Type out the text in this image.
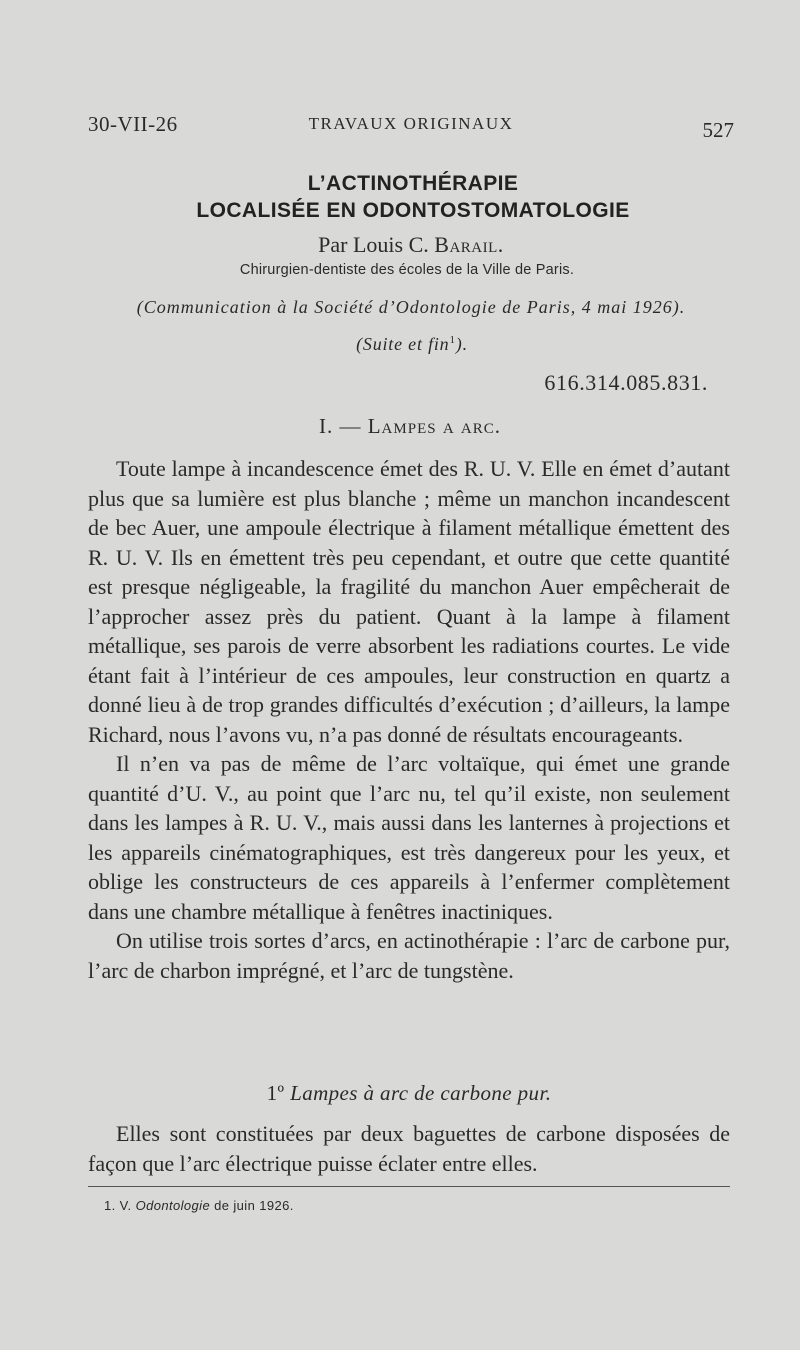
30-VII-26	TRAVAUX ORIGINAUX	527
L’ACTINOTHÉRAPIE
LOCALISÉE EN ODONTOSTOMATOLOGIE
Par Louis C. Barail.
Chirurgien-dentiste des écoles de la Ville de Paris.
(Communication à la Société d’Odontologie de Paris, 4 mai 1926).
(Suite et fin$^1$).
616.314.085.831.
I. — Lampes a arc.

Toute lampe à incandescence émet des R. U. V. Elle en émet d’autant plus que sa lumière est plus blanche ; même un manchon incandescent de bec Auer, une ampoule électrique à filament métallique émettent des R. U. V. Ils en émettent très peu cependant, et outre que cette quantité est presque négligeable, la fragilité du manchon Auer empêcherait de l’approcher assez près du patient. Quant à la lampe à filament métallique, ses parois de verre absorbent les radiations courtes. Le vide étant fait à l’intérieur de ces ampoules, leur construction en quartz a donné lieu à de trop grandes difficultés d’exécution ; d’ailleurs, la lampe Richard, nous l’avons vu, n’a pas donné de résultats encourageants.

Il n’en va pas de même de l’arc voltaïque, qui émet une grande quantité d’U. V., au point que l’arc nu, tel qu’il existe, non seulement dans les lampes à R. U. V., mais aussi dans les lanternes à projections et les appareils cinématographiques, est très dangereux pour les yeux, et oblige les constructeurs de ces appareils à l’enfermer complètement dans une chambre métallique à fenêtres inactiniques.

On utilise trois sortes d’arcs, en actinothérapie : l’arc de carbone pur, l’arc de charbon imprégné, et l’arc de tungstène.

1º Lampes à arc de carbone pur.

Elles sont constituées par deux baguettes de carbone disposées de façon que l’arc électrique puisse éclater entre elles.

1. V. Odontologie de juin 1926.
